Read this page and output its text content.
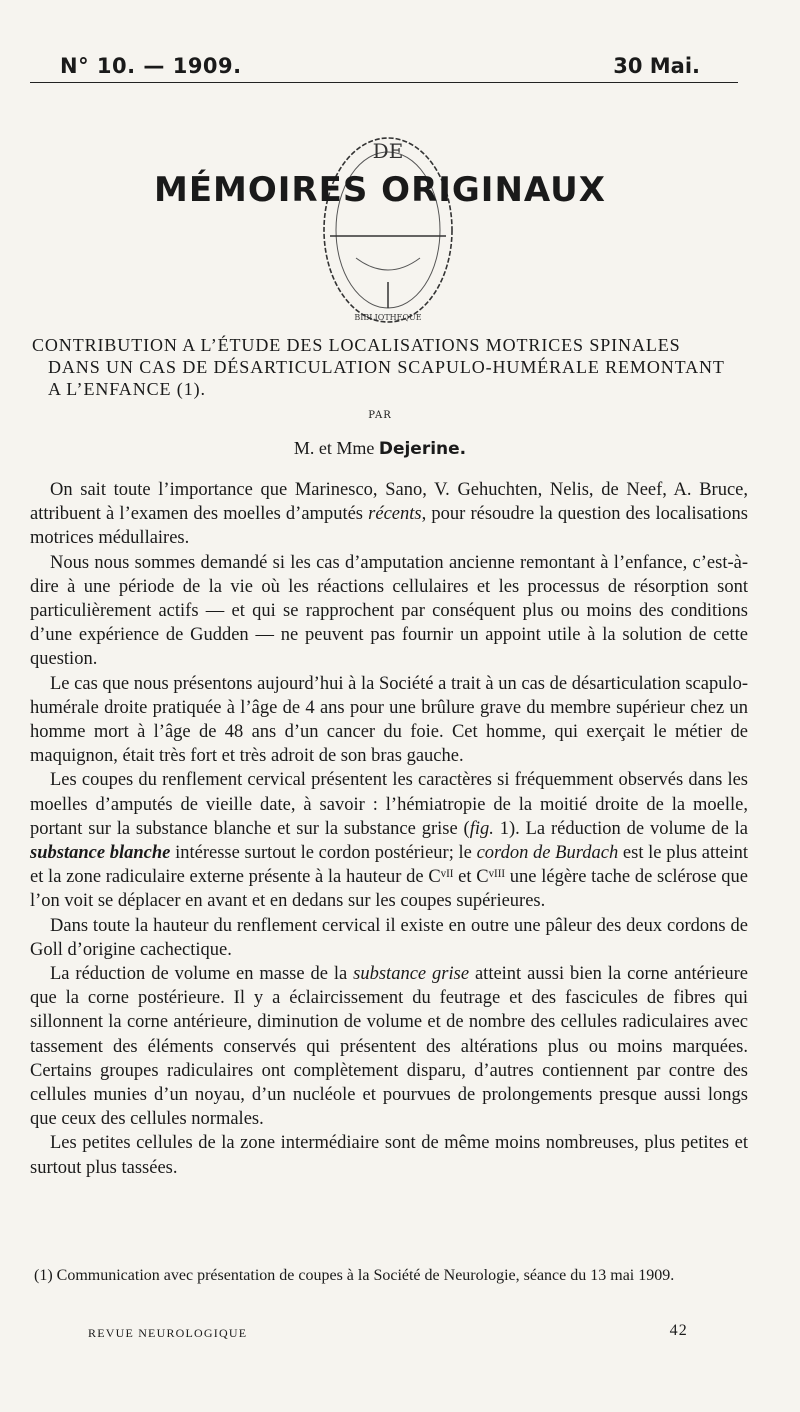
N° 10. — 1909.	30 Mai.
DE
BIBLIOTHEQUE
MÉMOIRES ORIGINAUX
CONTRIBUTION A L’ÉTUDE DES LOCALISATIONS MOTRICES SPINALES
DANS UN CAS DE DÉSARTICULATION SCAPULO-HUMÉRALE REMONTANT
A L’ENFANCE (1).
PAR
M. et Mme Dejerine.

On sait toute l’importance que Marinesco, Sano, V. Gehuchten, Nelis, de Neef, A. Bruce, attribuent à l’examen des moelles d’amputés récents, pour résoudre la question des localisations motrices médullaires.

Nous nous sommes demandé si les cas d’amputation ancienne remontant à l’enfance, c’est-à-dire à une période de la vie où les réactions cellulaires et les processus de résorption sont particulièrement actifs — et qui se rapprochent par conséquent plus ou moins des conditions d’une expérience de Gudden — ne peuvent pas fournir un appoint utile à la solution de cette question.

Le cas que nous présentons aujourd’hui à la Société a trait à un cas de désarticulation scapulo-humérale droite pratiquée à l’âge de 4 ans pour une brûlure grave du membre supérieur chez un homme mort à l’âge de 48 ans d’un cancer du foie. Cet homme, qui exerçait le métier de maquignon, était très fort et très adroit de son bras gauche.

Les coupes du renflement cervical présentent les caractères si fréquemment observés dans les moelles d’amputés de vieille date, à savoir : l’hémiatropie de la moitié droite de la moelle, portant sur la substance blanche et sur la substance grise (fig. 1). La réduction de volume de la substance blanche intéresse surtout le cordon postérieur; le cordon de Burdach est le plus atteint et la zone radiculaire externe présente à la hauteur de Cᵛᴵᴵ et Cᵛᴵᴵᴵ une légère tache de sclérose que l’on voit se déplacer en avant et en dedans sur les coupes supérieures.

Dans toute la hauteur du renflement cervical il existe en outre une pâleur des deux cordons de Goll d’origine cachectique.

La réduction de volume en masse de la substance grise atteint aussi bien la corne antérieure que la corne postérieure. Il y a éclaircissement du feutrage et des fascicules de fibres qui sillonnent la corne antérieure, diminution de volume et de nombre des cellules radiculaires avec tassement des éléments conservés qui présentent des altérations plus ou moins marquées. Certains groupes radiculaires ont complètement disparu, d’autres contiennent par contre des cellules munies d’un noyau, d’un nucléole et pourvues de prolongements presque aussi longs que ceux des cellules normales.

Les petites cellules de la zone intermédiaire sont de même moins nombreuses, plus petites et surtout plus tassées.

(1) Communication avec présentation de coupes à la Société de Neurologie, séance du 13 mai 1909.

REVUE NEUROLOGIQUE	42
